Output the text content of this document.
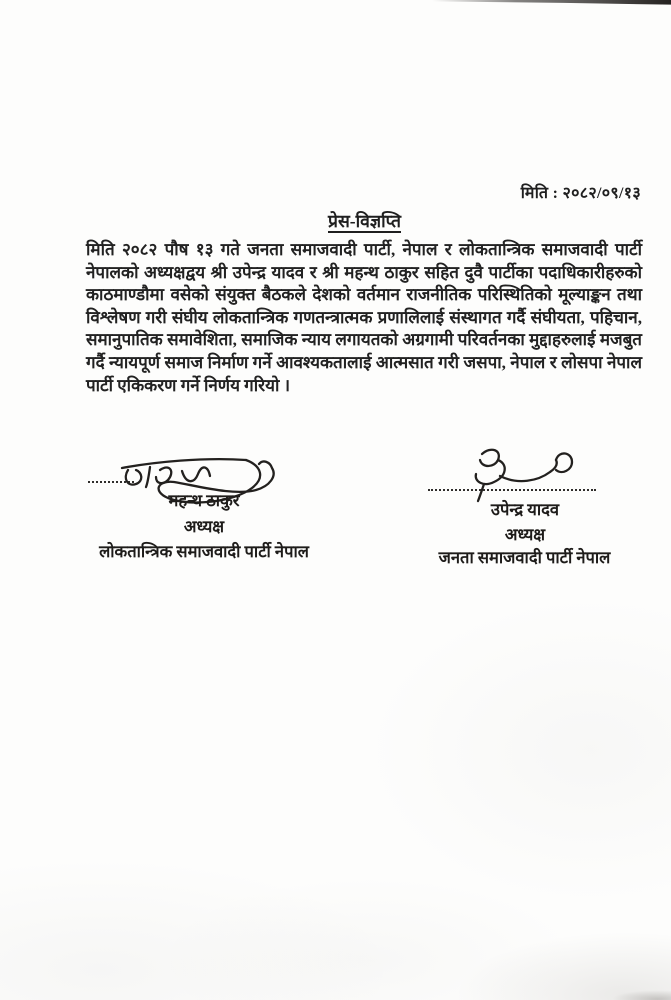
मिति : २०८२/०९/१३
प्रेस-विज्ञप्ति
मिति २०८२ पौष १३ गते जनता समाजवादी पार्टी, नेपाल र लोकतान्त्रिक समाजवादी पार्टी नेपालको अध्यक्षद्वय श्री उपेन्द्र यादव र श्री महन्थ ठाकुर सहित दुवै पार्टीका पदाधिकारीहरुको काठमाण्डौमा वसेको संयुक्त बैठकले देशको वर्तमान राजनीतिक परिस्थितिको मूल्याङ्कन तथा विश्लेषण गरी संघीय लोकतान्त्रिक गणतन्त्रात्मक प्रणालिलाई संस्थागत गर्दै संघीयता, पहिचान, समानुपातिक समावेशिता, समाजिक न्याय लगायतको अग्रगामी परिवर्तनका मुद्दाहरुलाई मजबुत गर्दै न्यायपूर्ण समाज निर्माण गर्ने आवश्यकतालाई आत्मसात गरी जसपा, नेपाल र लोसपा नेपाल पार्टी एकिकरण गर्ने निर्णय गरियो ।
महन्थ ठाकुर
अध्यक्ष
लोकतान्त्रिक समाजवादी पार्टी नेपाल
उपेन्द्र यादव
अध्यक्ष
जनता समाजवादी पार्टी नेपाल
